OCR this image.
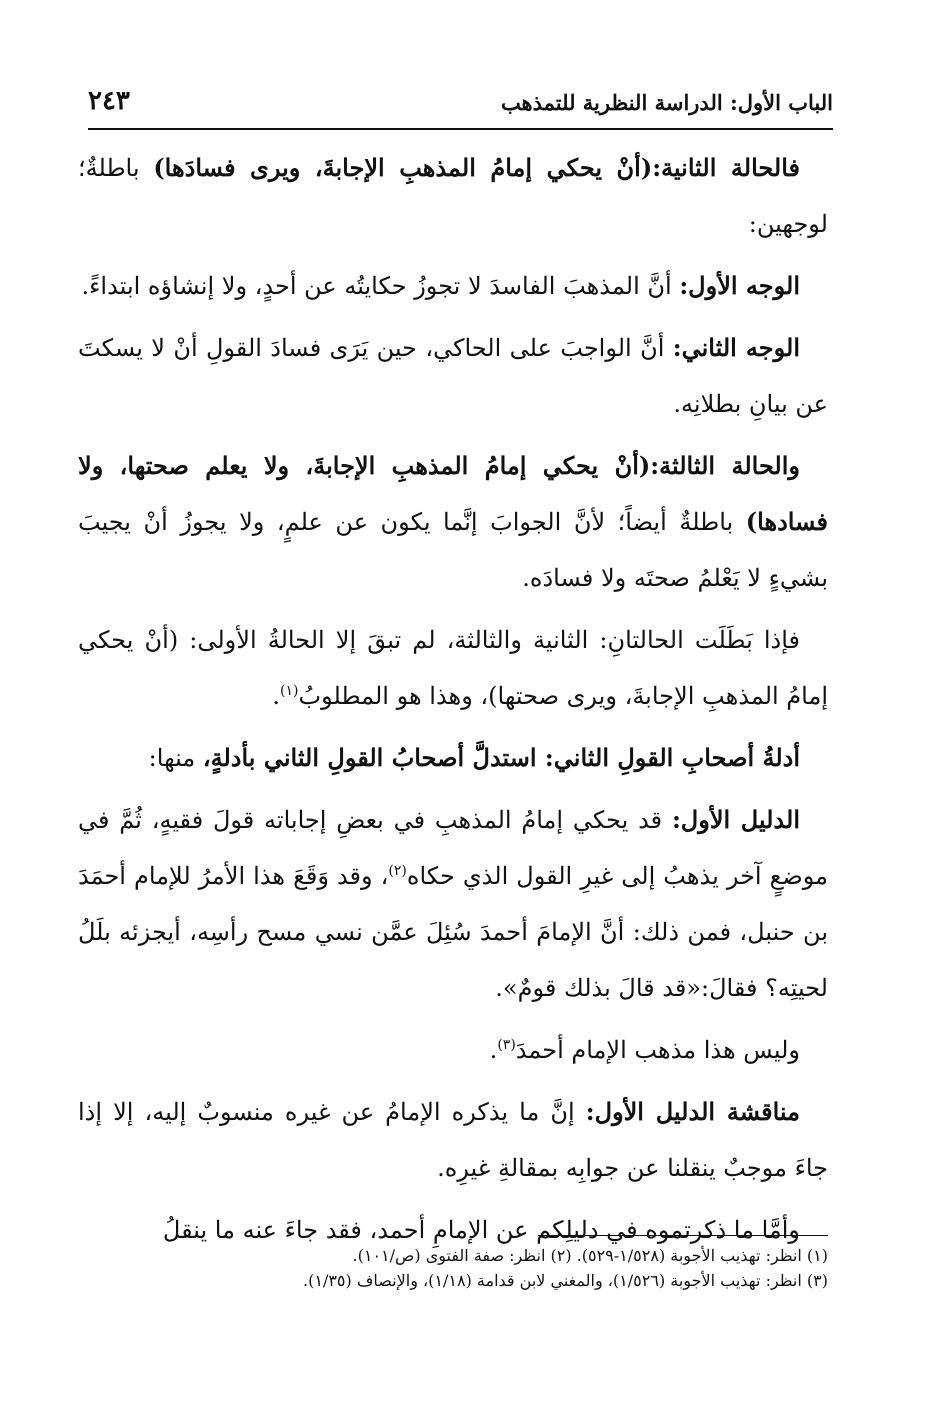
الباب الأول: الدراسة النظرية للتمذهب
٢٤٣

فالحالة الثانية:(أنْ يحكي إمامُ المذهبِ الإجابةَ، ويرى فسادَها) باطلةٌ؛ لوجهين:

الوجه الأول: أنَّ المذهبَ الفاسدَ لا تجوزُ حكايتُه عن أحدٍ، ولا إنشاؤه ابتداءً.

الوجه الثاني: أنَّ الواجبَ على الحاكي، حين يَرَى فسادَ القولِ أنْ لا يسكتَ عن بيانِ بطلانِه.

والحالة الثالثة:(أنْ يحكي إمامُ المذهبِ الإجابةَ، ولا يعلم صحتها، ولا فسادها) باطلةٌ أيضاً؛ لأنَّ الجوابَ إنَّما يكون عن علمٍ، ولا يجوزُ أنْ يجيبَ بشيءٍ لا يَعْلمُ صحتَه ولا فسادَه.

فإذا بَطَلَت الحالتانِ: الثانية والثالثة، لم تبقَ إلا الحالةُ الأولى: (أنْ يحكي إمامُ المذهبِ الإجابةَ، ويرى صحتها)، وهذا هو المطلوبُ$^{(١)}$.

أدلةُ أصحابِ القولِ الثاني: استدلَّ أصحابُ القولِ الثاني بأدلةٍ، منها:

الدليل الأول: قد يحكي إمامُ المذهبِ في بعضِ إجاباته قولَ فقيهٍ، ثُمَّ في موضعٍ آخر يذهبُ إلى غيرِ القول الذي حكاه$^{(٢)}$، وقد وَقَعَ هذا الأمرُ للإمام أحمَدَ بن حنبل، فمن ذلك: أنَّ الإمامَ أحمدَ سُئِلَ عمَّن نسي مسح رأسِه، أيجزئه بلَلُ لحيتِه؟ فقالَ:«قد قالَ بذلك قومٌ».

وليس هذا مذهب الإمام أحمدَ$^{(٣)}$.

مناقشة الدليل الأول: إنَّ ما يذكره الإمامُ عن غيره منسوبٌ إليه، إلا إذا جاءَ موجبٌ ينقلنا عن جوابِه بمقالةِ غيرِه.

وأمَّا ما ذكرتموه في دليلِكم عن الإمامِ أحمد، فقد جاءَ عنه ما ينقلُ

(١) انظر: تهذيب الأجوبة (١/٥٢٨-٥٢٩). (٢) انظر: صفة الفتوى (ص/١٠١).

(٣) انظر: تهذيب الأجوبة (١/٥٢٦)، والمغني لابن قدامة (١/١٨)، والإنصاف (١/٣٥).
